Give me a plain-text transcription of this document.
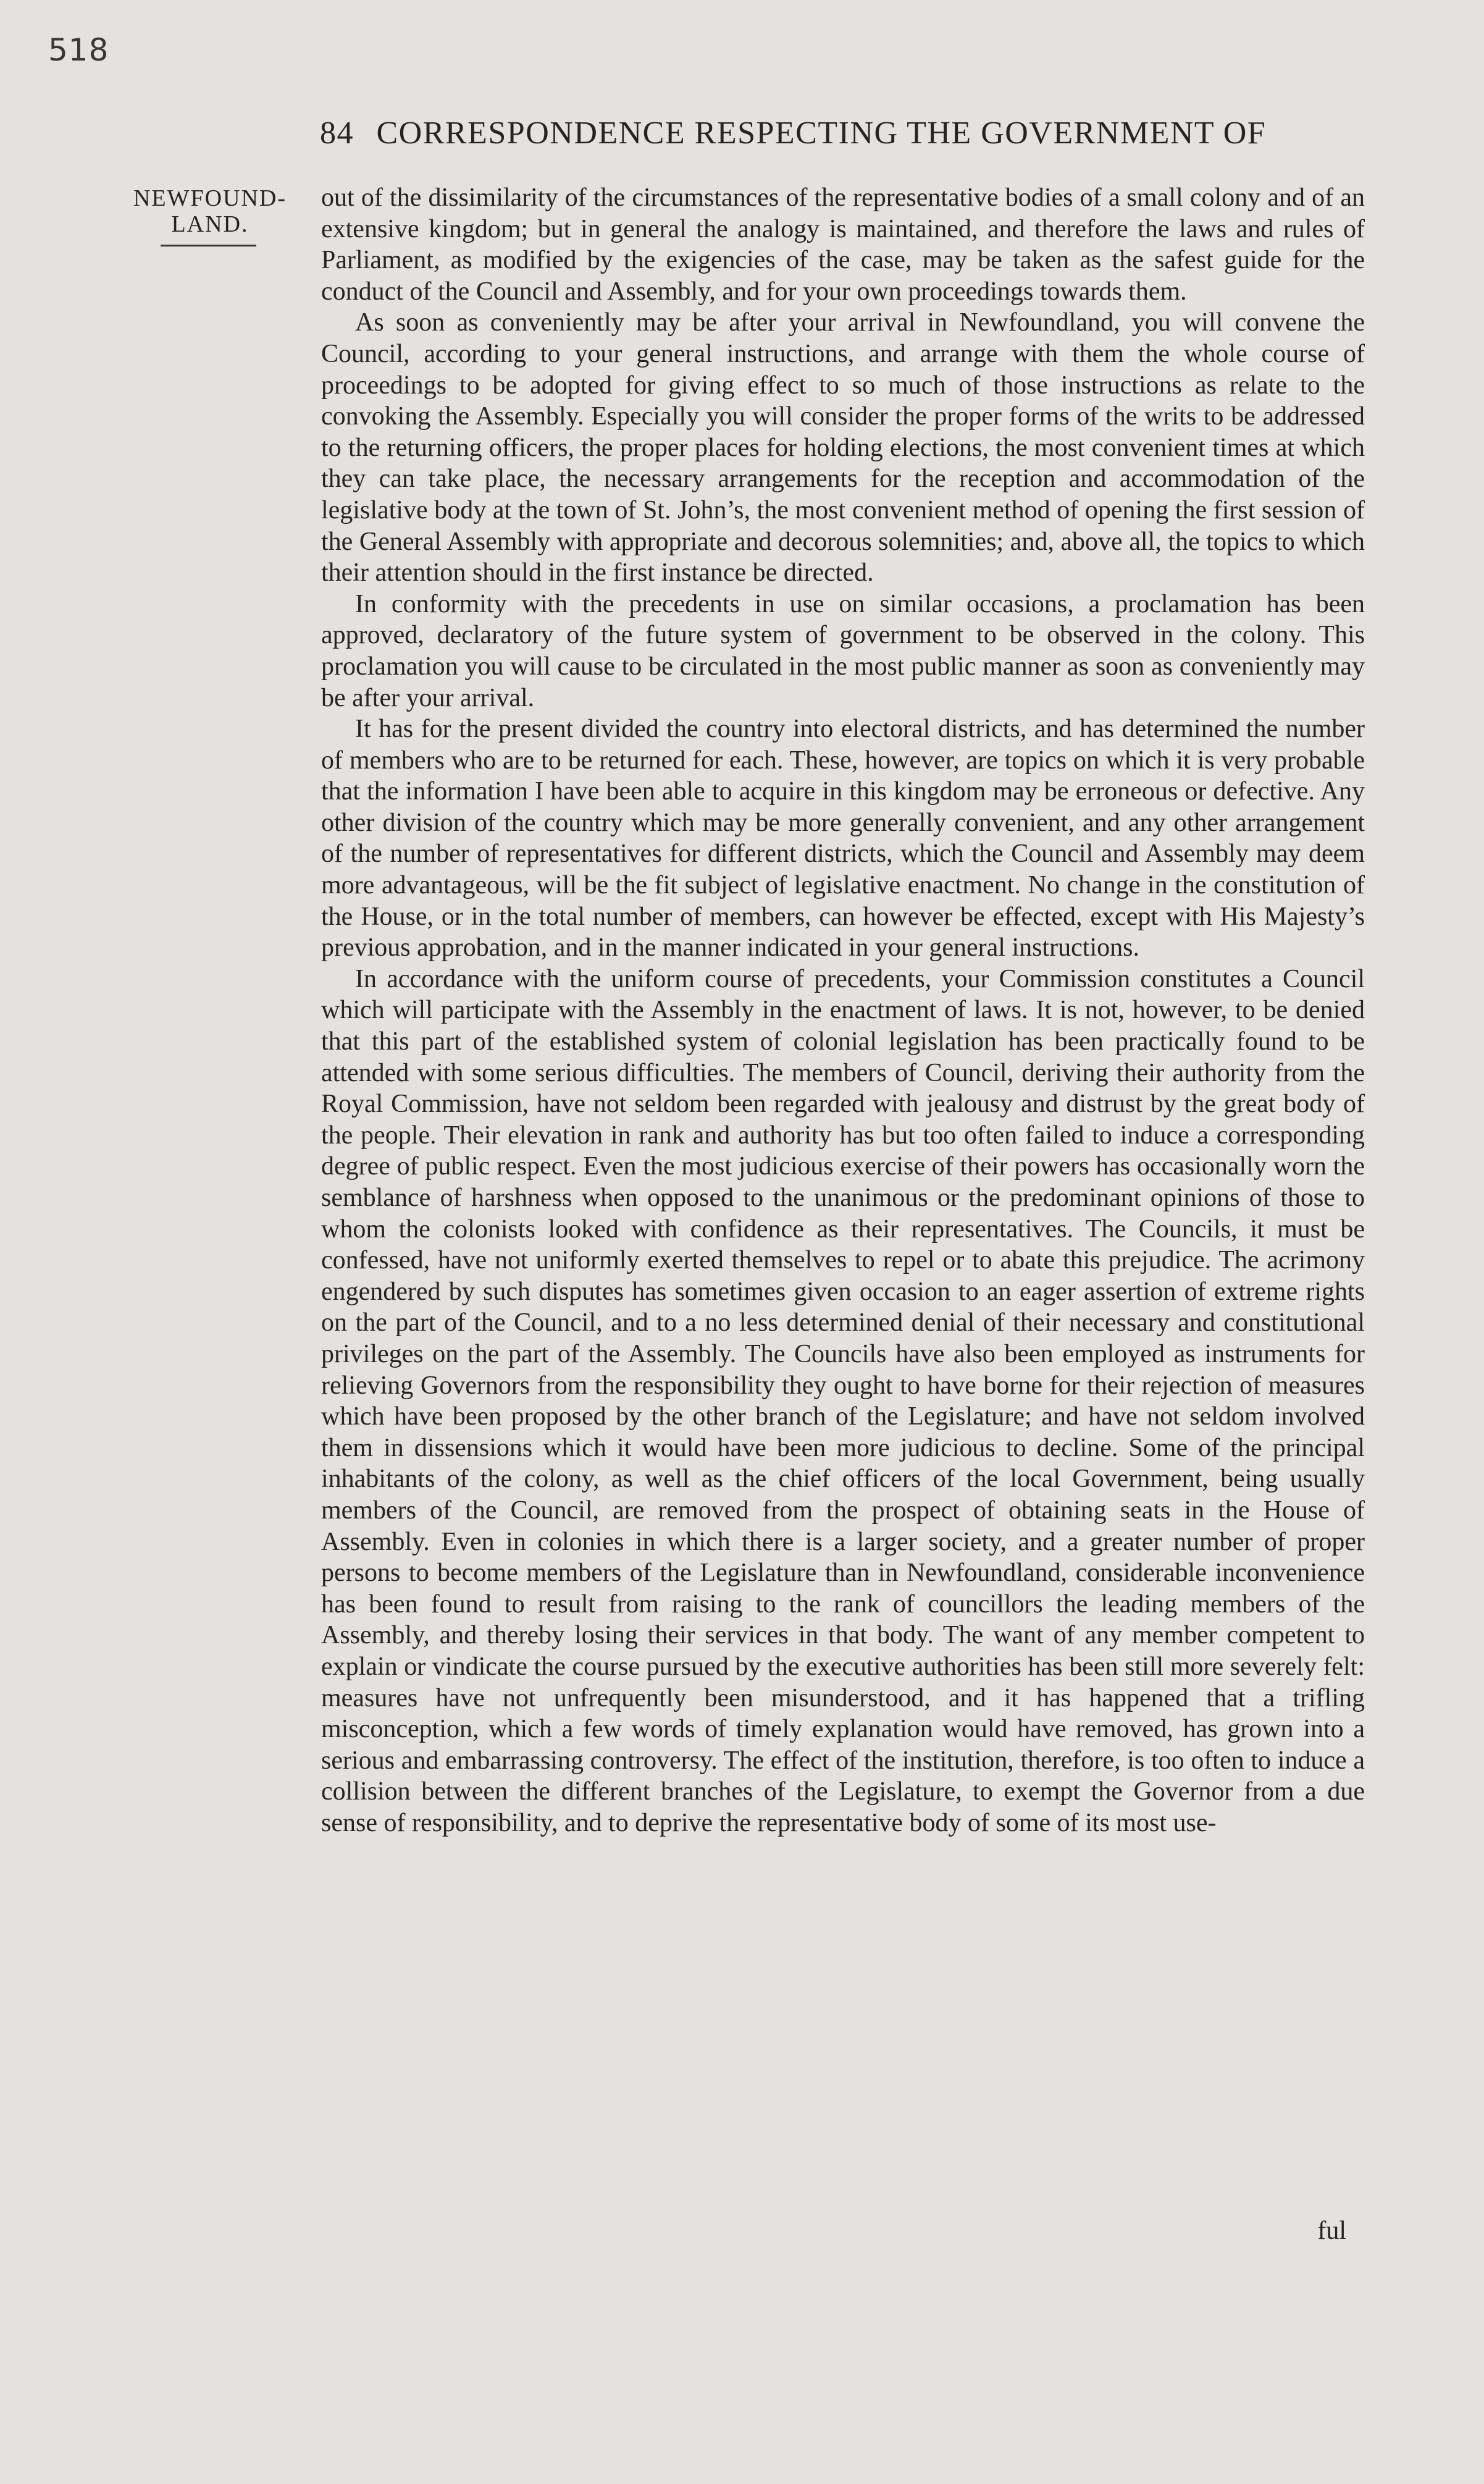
518
84 CORRESPONDENCE RESPECTING THE GOVERNMENT OF
NEWFOUND-
LAND.

out of the dissimilarity of the circumstances of the representative bodies of a small colony and of an extensive kingdom; but in general the analogy is maintained, and therefore the laws and rules of Parliament, as modified by the exigencies of the case, may be taken as the safest guide for the conduct of the Council and Assembly, and for your own proceedings towards them.

As soon as conveniently may be after your arrival in Newfoundland, you will convene the Council, according to your general instructions, and arrange with them the whole course of proceedings to be adopted for giving effect to so much of those instructions as relate to the convoking the Assembly. Especially you will consider the proper forms of the writs to be addressed to the returning officers, the proper places for holding elections, the most convenient times at which they can take place, the necessary arrangements for the reception and accommodation of the legislative body at the town of St. John’s, the most convenient method of opening the first session of the General Assembly with appropriate and decorous solemnities; and, above all, the topics to which their attention should in the first instance be directed.

In conformity with the precedents in use on similar occasions, a proclamation has been approved, declaratory of the future system of government to be observed in the colony. This proclamation you will cause to be circulated in the most public manner as soon as conveniently may be after your arrival.

It has for the present divided the country into electoral districts, and has determined the number of members who are to be returned for each. These, however, are topics on which it is very probable that the information I have been able to acquire in this kingdom may be erroneous or defective. Any other division of the country which may be more generally convenient, and any other arrangement of the number of representatives for different districts, which the Council and Assembly may deem more advantageous, will be the fit subject of legislative enactment. No change in the constitution of the House, or in the total number of members, can however be effected, except with His Majesty’s previous approbation, and in the manner indicated in your general instructions.

In accordance with the uniform course of precedents, your Commission constitutes a Council which will participate with the Assembly in the enactment of laws. It is not, however, to be denied that this part of the established system of colonial legislation has been practically found to be attended with some serious difficulties. The members of Council, deriving their authority from the Royal Commission, have not seldom been regarded with jealousy and distrust by the great body of the people. Their elevation in rank and authority has but too often failed to induce a corresponding degree of public respect. Even the most judicious exercise of their powers has occasionally worn the semblance of harshness when opposed to the unanimous or the predominant opinions of those to whom the colonists looked with confidence as their representatives. The Councils, it must be confessed, have not uniformly exerted themselves to repel or to abate this prejudice. The acrimony engendered by such disputes has sometimes given occasion to an eager assertion of extreme rights on the part of the Council, and to a no less determined denial of their necessary and constitutional privileges on the part of the Assembly. The Councils have also been employed as instruments for relieving Governors from the responsibility they ought to have borne for their rejection of measures which have been proposed by the other branch of the Legislature; and have not seldom involved them in dissensions which it would have been more judicious to decline. Some of the principal inhabitants of the colony, as well as the chief officers of the local Government, being usually members of the Council, are removed from the prospect of obtaining seats in the House of Assembly. Even in colonies in which there is a larger society, and a greater number of proper persons to become members of the Legislature than in Newfoundland, considerable inconvenience has been found to result from raising to the rank of councillors the leading members of the Assembly, and thereby losing their services in that body. The want of any member competent to explain or vindicate the course pursued by the executive authorities has been still more severely felt: measures have not unfrequently been misunderstood, and it has happened that a trifling misconception, which a few words of timely explanation would have removed, has grown into a serious and embarrassing controversy. The effect of the institution, therefore, is too often to induce a collision between the different branches of the Legislature, to exempt the Governor from a due sense of responsibility, and to deprive the representative body of some of its most use-

ful
